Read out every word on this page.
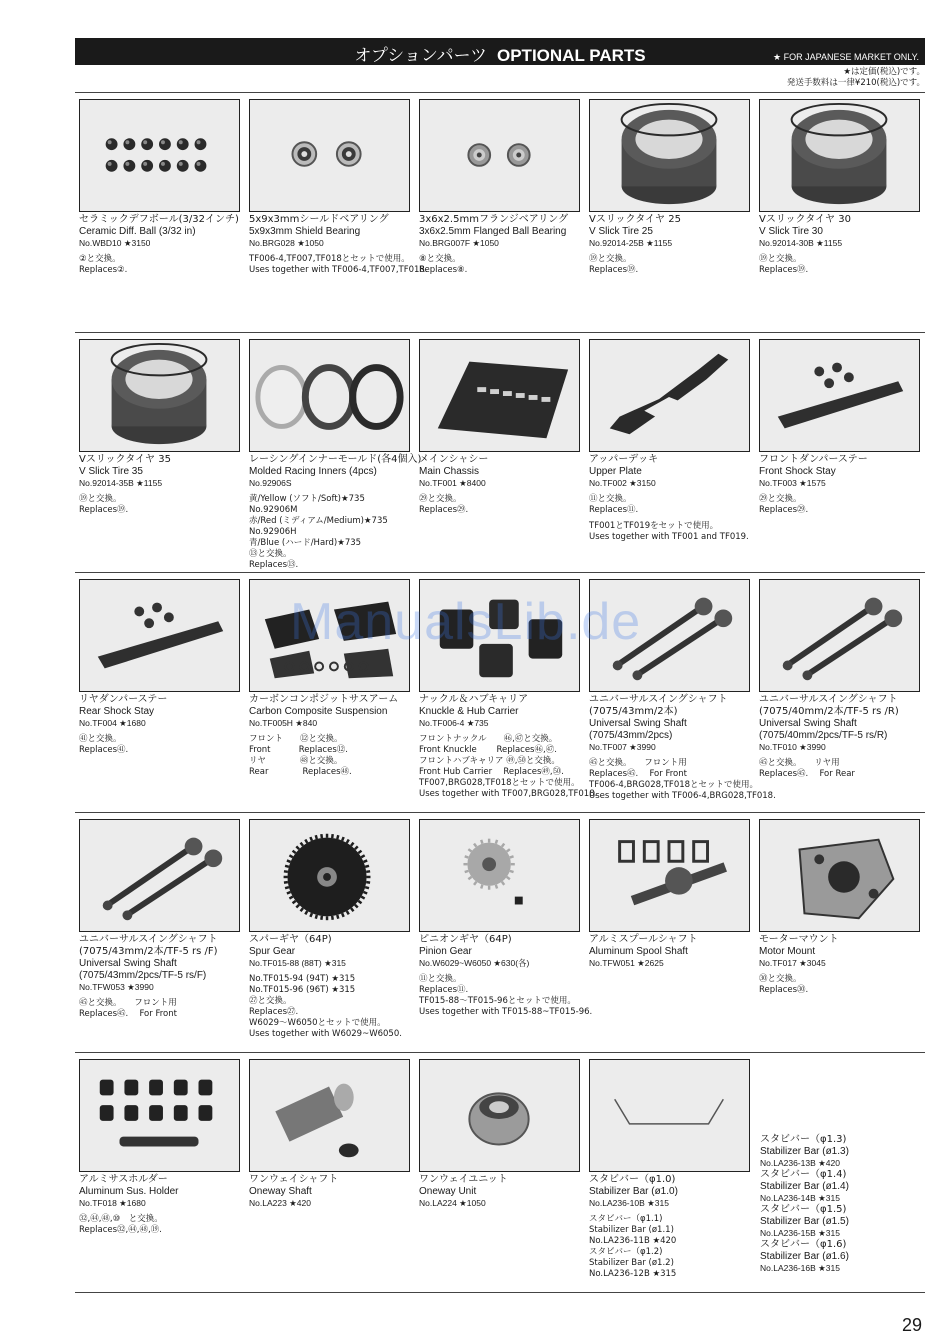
オプションパーツ OPTIONAL PARTS	★ FOR JAPANESE MARKET ONLY.
★は定価(税込)です。
発送手数料は一律¥210(税込)です。
セラミックデフボール(3/32インチ)
Ceramic Diff. Ball (3/32 in)
No.WBD10 ★3150
②と交換。
Replaces②.
5x9x3mmシールドベアリング
5x9x3mm Shield Bearing
No.BRG028 ★1050
TF006-4,TF007,TF018とセットで使用。
Uses together with TF006-4,TF007,TF018.
3x6x2.5mmフランジベアリング
3x6x2.5mm Flanged Ball Bearing
No.BRG007F ★1050
⑧と交換。
Replaces⑧.
Vスリックタイヤ 25
V Slick Tire 25
No.92014-25B ★1155
⑲と交換。
Replaces⑲.
Vスリックタイヤ 30
V Slick Tire 30
No.92014-30B ★1155
⑲と交換。
Replaces⑲.
Vスリックタイヤ 35
V Slick Tire 35
No.92014-35B ★1155
⑲と交換。
Replaces⑲.
レーシングインナーモールド(各4個入)
Molded Racing Inners (4pcs)
No.92906S
黄/Yellow (ソフト/Soft)★735
No.92906M
赤/Red (ミディアム/Medium)★735
No.92906H
青/Blue (ハード/Hard)★735
⑬と交換。
Replaces⑬.
メインシャシー
Main Chassis
No.TF001 ★8400
㉙と交換。
Replaces㉙.
アッパーデッキ
Upper Plate
No.TF002 ★3150
⑪と交換。
Replaces⑪.
TF001とTF019をセットで使用。
Uses together with TF001 and TF019.
フロントダンパーステー
Front Shock Stay
No.TF003 ★1575
㉙と交換。
Replaces㉙.
リヤダンパーステー
Rear Shock Stay
No.TF004 ★1680
㊶と交換。
Replaces㊶.
カーボンコンポジットサスアーム
Carbon Composite Suspension
No.TF005H ★840
フロント　　⑫と交換。
Front　　　 Replaces⑫.
リヤ　　　　㊽と交換。
Rear　　　　Replaces㊽.
ナックル＆ハブキャリア
Knuckle & Hub Carrier
No.TF006-4 ★735
フロントナックル　　㊻,㊼と交換。
Front Knuckle　　 Replaces㊻,㊼.
フロントハブキャリア ㊾,㊿と交換。
Front Hub Carrier　 Replaces㊾,㊿.
TF007,BRG028,TF018とセットで使用。
Uses together with TF007,BRG028,TF018.
ユニバーサルスイングシャフト
(7075/43mm/2本)
Universal Swing Shaft
(7075/43mm/2pcs)
No.TF007 ★3990
㊺と交換。　　フロント用
Replaces㊺.　 For Front
TF006-4,BRG028,TF018とセットで使用。
Uses together with TF006-4,BRG028,TF018.
ユニバーサルスイングシャフト
(7075/40mm/2本/TF-5 rs /R)
Universal Swing Shaft
(7075/40mm/2pcs/TF-5 rs/R)
No.TF010 ★3990
㊺と交換。　　リヤ用
Replaces㊺.　 For Rear
ユニバーサルスイングシャフト
(7075/43mm/2本/TF-5 rs /F)
Universal Swing Shaft
(7075/43mm/2pcs/TF-5 rs/F)
No.TFW053 ★3990
㊺と交換。　　フロント用
Replaces㊺.　 For Front
スパーギヤ（64P)
Spur Gear
No.TF015-88 (88T) ★315
No.TF015-94 (94T) ★315
No.TF015-96 (96T) ★315
㉗と交換。
Replaces㉗.
W6029～W6050とセットで使用。
Uses together with W6029~W6050.
ピニオンギヤ（64P)
Pinion Gear
No.W6029~W6050 ★630(各)
⑪と交換。
Replaces⑪.
TF015-88～TF015-96とセットで使用。
Uses together with TF015-88~TF015-96.
アルミスプールシャフト
Aluminum Spool Shaft
No.TFW051 ★2625
モーターマウント
Motor Mount
No.TF017 ★3045
㉚と交換。
Replaces㉚.
アルミサスホルダー
Aluminum Sus. Holder
No.TF018 ★1680
㉜,㊹,㊽,⑩　と交換。
Replaces㉜,㊹,㊽,⑲.
ワンウェイシャフト
Oneway Shaft
No.LA223 ★420
ワンウェイユニット
Oneway Unit
No.LA224 ★1050
スタビバー（φ1.0)
Stabilizer Bar (ø1.0)
No.LA236-10B ★315
スタビバー（φ1.1)
Stabilizer Bar (ø1.1)
No.LA236-11B ★420
スタビバー（φ1.2)
Stabilizer Bar (ø1.2)
No.LA236-12B ★315
スタビバー（φ1.3)
Stabilizer Bar (ø1.3)
No.LA236-13B ★420
スタビバー（φ1.4)
Stabilizer Bar (ø1.4)
No.LA236-14B ★315
スタビバー（φ1.5)
Stabilizer Bar (ø1.5)
No.LA236-15B ★315
スタビバー（φ1.6)
Stabilizer Bar (ø1.6)
No.LA236-16B ★315
ManualsLib.de
29
